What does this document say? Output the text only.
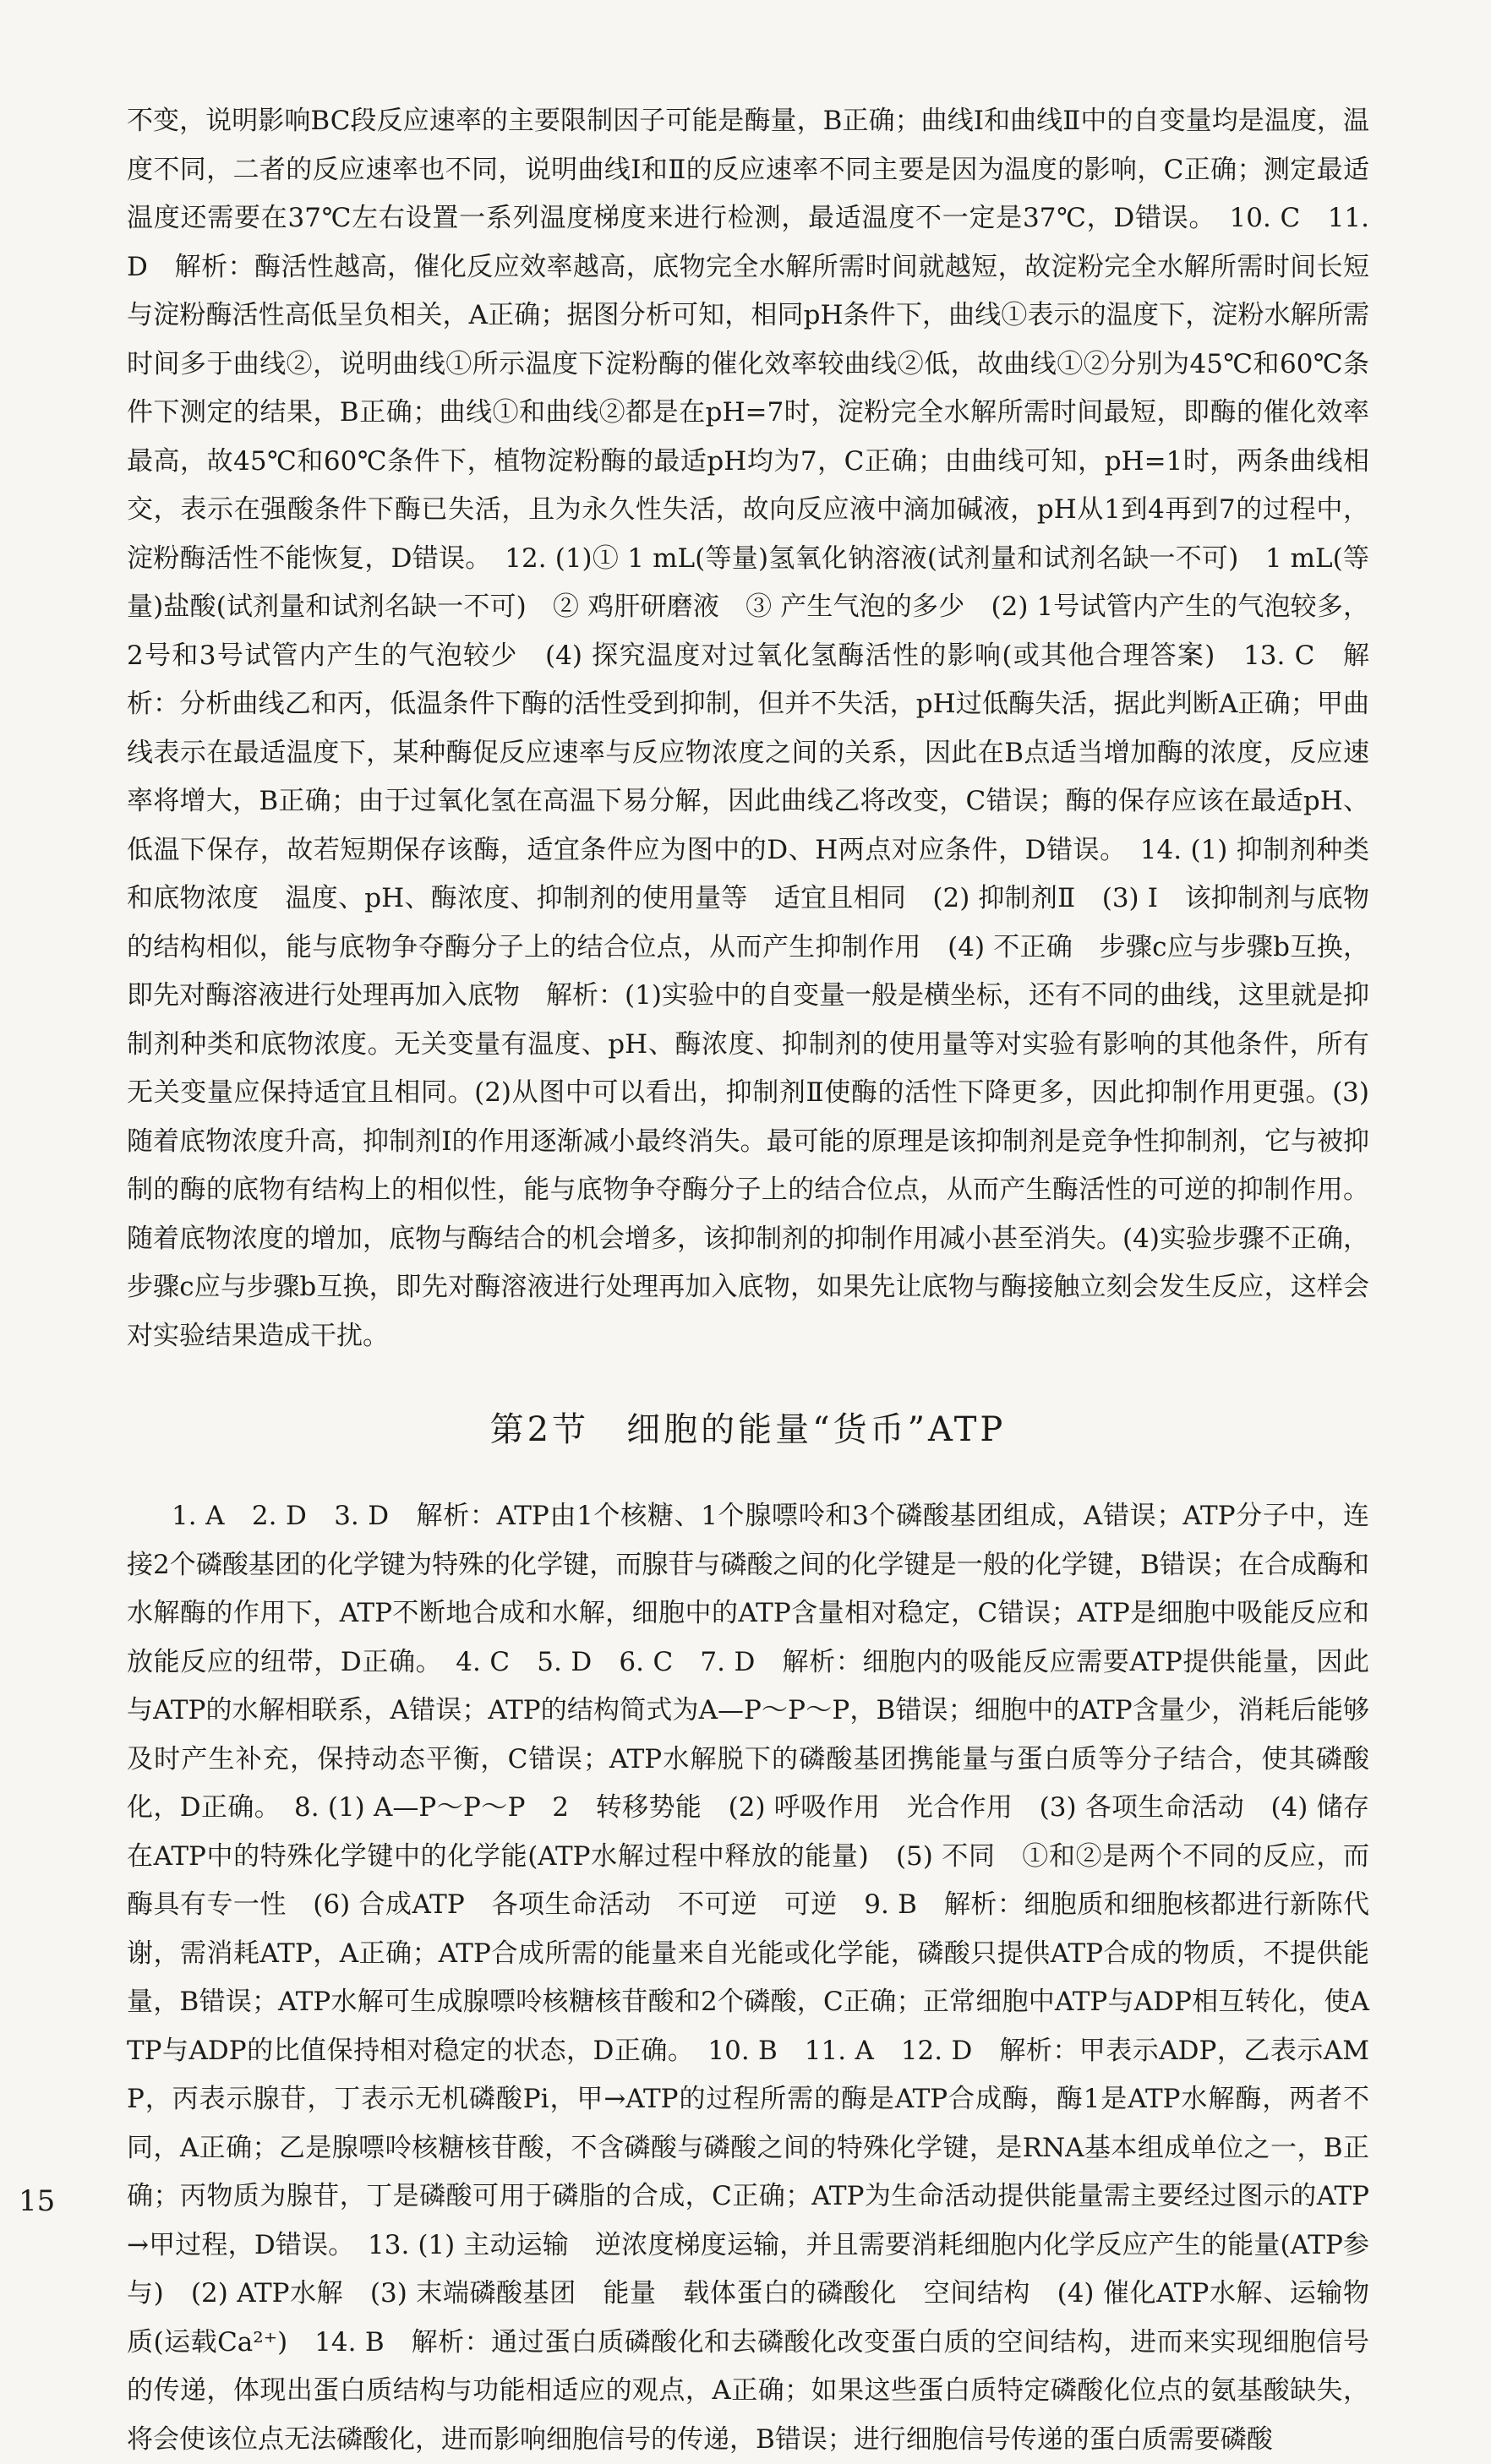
不变，说明影响BC段反应速率的主要限制因子可能是酶量，B正确；曲线Ⅰ和曲线Ⅱ中的自变量均是温度，温度不同，二者的反应速率也不同，说明曲线Ⅰ和Ⅱ的反应速率不同主要是因为温度的影响，C正确；测定最适温度还需要在37℃左右设置一系列温度梯度来进行检测，最适温度不一定是37℃，D错误。　10. C　11. D　解析：酶活性越高，催化反应效率越高，底物完全水解所需时间就越短，故淀粉完全水解所需时间长短与淀粉酶活性高低呈负相关，A正确；据图分析可知，相同pH条件下，曲线①表示的温度下，淀粉水解所需时间多于曲线②，说明曲线①所示温度下淀粉酶的催化效率较曲线②低，故曲线①②分别为45℃和60℃条件下测定的结果，B正确；曲线①和曲线②都是在pH=7时，淀粉完全水解所需时间最短，即酶的催化效率最高，故45℃和60℃条件下，植物淀粉酶的最适pH均为7，C正确；由曲线可知，pH=1时，两条曲线相交，表示在强酸条件下酶已失活，且为永久性失活，故向反应液中滴加碱液，pH从1到4再到7的过程中，淀粉酶活性不能恢复，D错误。　12. (1)① 1 mL(等量)氢氧化钠溶液(试剂量和试剂名缺一不可)　1 mL(等量)盐酸(试剂量和试剂名缺一不可)　② 鸡肝研磨液　③ 产生气泡的多少　(2) 1号试管内产生的气泡较多，2号和3号试管内产生的气泡较少　(4) 探究温度对过氧化氢酶活性的影响(或其他合理答案)　13. C　解析：分析曲线乙和丙，低温条件下酶的活性受到抑制，但并不失活，pH过低酶失活，据此判断A正确；甲曲线表示在最适温度下，某种酶促反应速率与反应物浓度之间的关系，因此在B点适当增加酶的浓度，反应速率将增大，B正确；由于过氧化氢在高温下易分解，因此曲线乙将改变，C错误；酶的保存应该在最适pH、低温下保存，故若短期保存该酶，适宜条件应为图中的D、H两点对应条件，D错误。　14. (1) 抑制剂种类和底物浓度　温度、pH、酶浓度、抑制剂的使用量等　适宜且相同　(2) 抑制剂Ⅱ　(3) Ⅰ　该抑制剂与底物的结构相似，能与底物争夺酶分子上的结合位点，从而产生抑制作用　(4) 不正确　步骤c应与步骤b互换，即先对酶溶液进行处理再加入底物　解析：(1)实验中的自变量一般是横坐标，还有不同的曲线，这里就是抑制剂种类和底物浓度。无关变量有温度、pH、酶浓度、抑制剂的使用量等对实验有影响的其他条件，所有无关变量应保持适宜且相同。(2)从图中可以看出，抑制剂Ⅱ使酶的活性下降更多，因此抑制作用更强。(3)随着底物浓度升高，抑制剂Ⅰ的作用逐渐减小最终消失。最可能的原理是该抑制剂是竞争性抑制剂，它与被抑制的酶的底物有结构上的相似性，能与底物争夺酶分子上的结合位点，从而产生酶活性的可逆的抑制作用。随着底物浓度的增加，底物与酶结合的机会增多，该抑制剂的抑制作用减小甚至消失。(4)实验步骤不正确，步骤c应与步骤b互换，即先对酶溶液进行处理再加入底物，如果先让底物与酶接触立刻会发生反应，这样会对实验结果造成干扰。

第2节　细胞的能量“货币”ATP

1. A　2. D　3. D　解析：ATP由1个核糖、1个腺嘌呤和3个磷酸基团组成，A错误；ATP分子中，连接2个磷酸基团的化学键为特殊的化学键，而腺苷与磷酸之间的化学键是一般的化学键，B错误；在合成酶和水解酶的作用下，ATP不断地合成和水解，细胞中的ATP含量相对稳定，C错误；ATP是细胞中吸能反应和放能反应的纽带，D正确。　4. C　5. D　6. C　7. D　解析：细胞内的吸能反应需要ATP提供能量，因此与ATP的水解相联系，A错误；ATP的结构简式为A—P～P～P，B错误；细胞中的ATP含量少，消耗后能够及时产生补充，保持动态平衡，C错误；ATP水解脱下的磷酸基团携能量与蛋白质等分子结合，使其磷酸化，D正确。　8. (1) A—P～P～P　2　转移势能　(2) 呼吸作用　光合作用　(3) 各项生命活动　(4) 储存在ATP中的特殊化学键中的化学能(ATP水解过程中释放的能量)　(5) 不同　①和②是两个不同的反应，而酶具有专一性　(6) 合成ATP　各项生命活动　不可逆　可逆　9. B　解析：细胞质和细胞核都进行新陈代谢，需消耗ATP，A正确；ATP合成所需的能量来自光能或化学能，磷酸只提供ATP合成的物质，不提供能量，B错误；ATP水解可生成腺嘌呤核糖核苷酸和2个磷酸，C正确；正常细胞中ATP与ADP相互转化，使ATP与ADP的比值保持相对稳定的状态，D正确。　10. B　11. A　12. D　解析：甲表示ADP，乙表示AMP，丙表示腺苷，丁表示无机磷酸Pi，甲→ATP的过程所需的酶是ATP合成酶，酶1是ATP水解酶，两者不同，A正确；乙是腺嘌呤核糖核苷酸，不含磷酸与磷酸之间的特殊化学键，是RNA基本组成单位之一，B正确；丙物质为腺苷，丁是磷酸可用于磷脂的合成，C正确；ATP为生命活动提供能量需主要经过图示的ATP→甲过程，D错误。　13. (1) 主动运输　逆浓度梯度运输，并且需要消耗细胞内化学反应产生的能量(ATP参与)　(2) ATP水解　(3) 末端磷酸基团　能量　载体蛋白的磷酸化　空间结构　(4) 催化ATP水解、运输物质(运载Ca²⁺)　14. B　解析：通过蛋白质磷酸化和去磷酸化改变蛋白质的空间结构，进而来实现细胞信号的传递，体现出蛋白质结构与功能相适应的观点，A正确；如果这些蛋白质特定磷酸化位点的氨基酸缺失，将会使该位点无法磷酸化，进而影响细胞信号的传递，B错误；进行细胞信号传递的蛋白质需要磷酸

15
